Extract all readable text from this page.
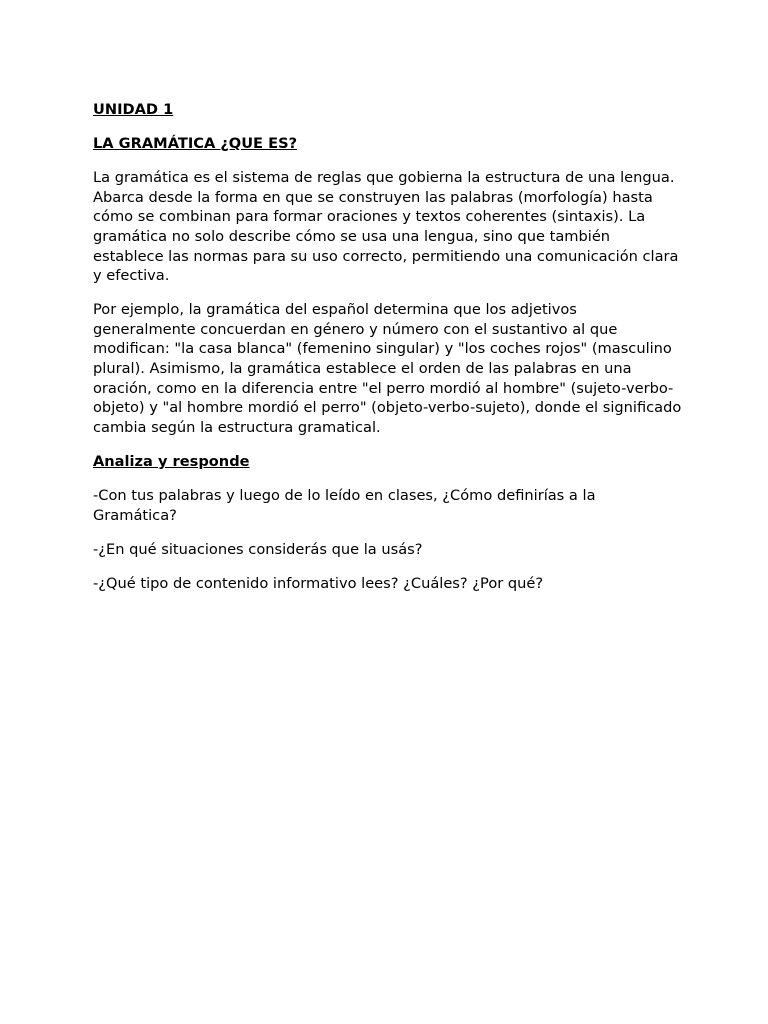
UNIDAD 1

LA GRAMÁTICA ¿QUE ES?

La gramática es el sistema de reglas que gobierna la estructura de una lengua. Abarca desde la forma en que se construyen las palabras (morfología) hasta cómo se combinan para formar oraciones y textos coherentes (sintaxis). La gramática no solo describe cómo se usa una lengua, sino que también establece las normas para su uso correcto, permitiendo una comunicación clara y efectiva.

Por ejemplo, la gramática del español determina que los adjetivos generalmente concuerdan en género y número con el sustantivo al que modifican: "la casa blanca" (femenino singular) y "los coches rojos" (masculino plural). Asimismo, la gramática establece el orden de las palabras en una oración, como en la diferencia entre "el perro mordió al hombre" (sujeto-verbo-objeto) y "al hombre mordió el perro" (objeto-verbo-sujeto), donde el significado cambia según la estructura gramatical.

Analiza y responde

-Con tus palabras y luego de lo leído en clases, ¿Cómo definirías a la Gramática?

-¿En qué situaciones considerás que la usás?

-¿Qué tipo de contenido informativo lees? ¿Cuáles? ¿Por qué?
